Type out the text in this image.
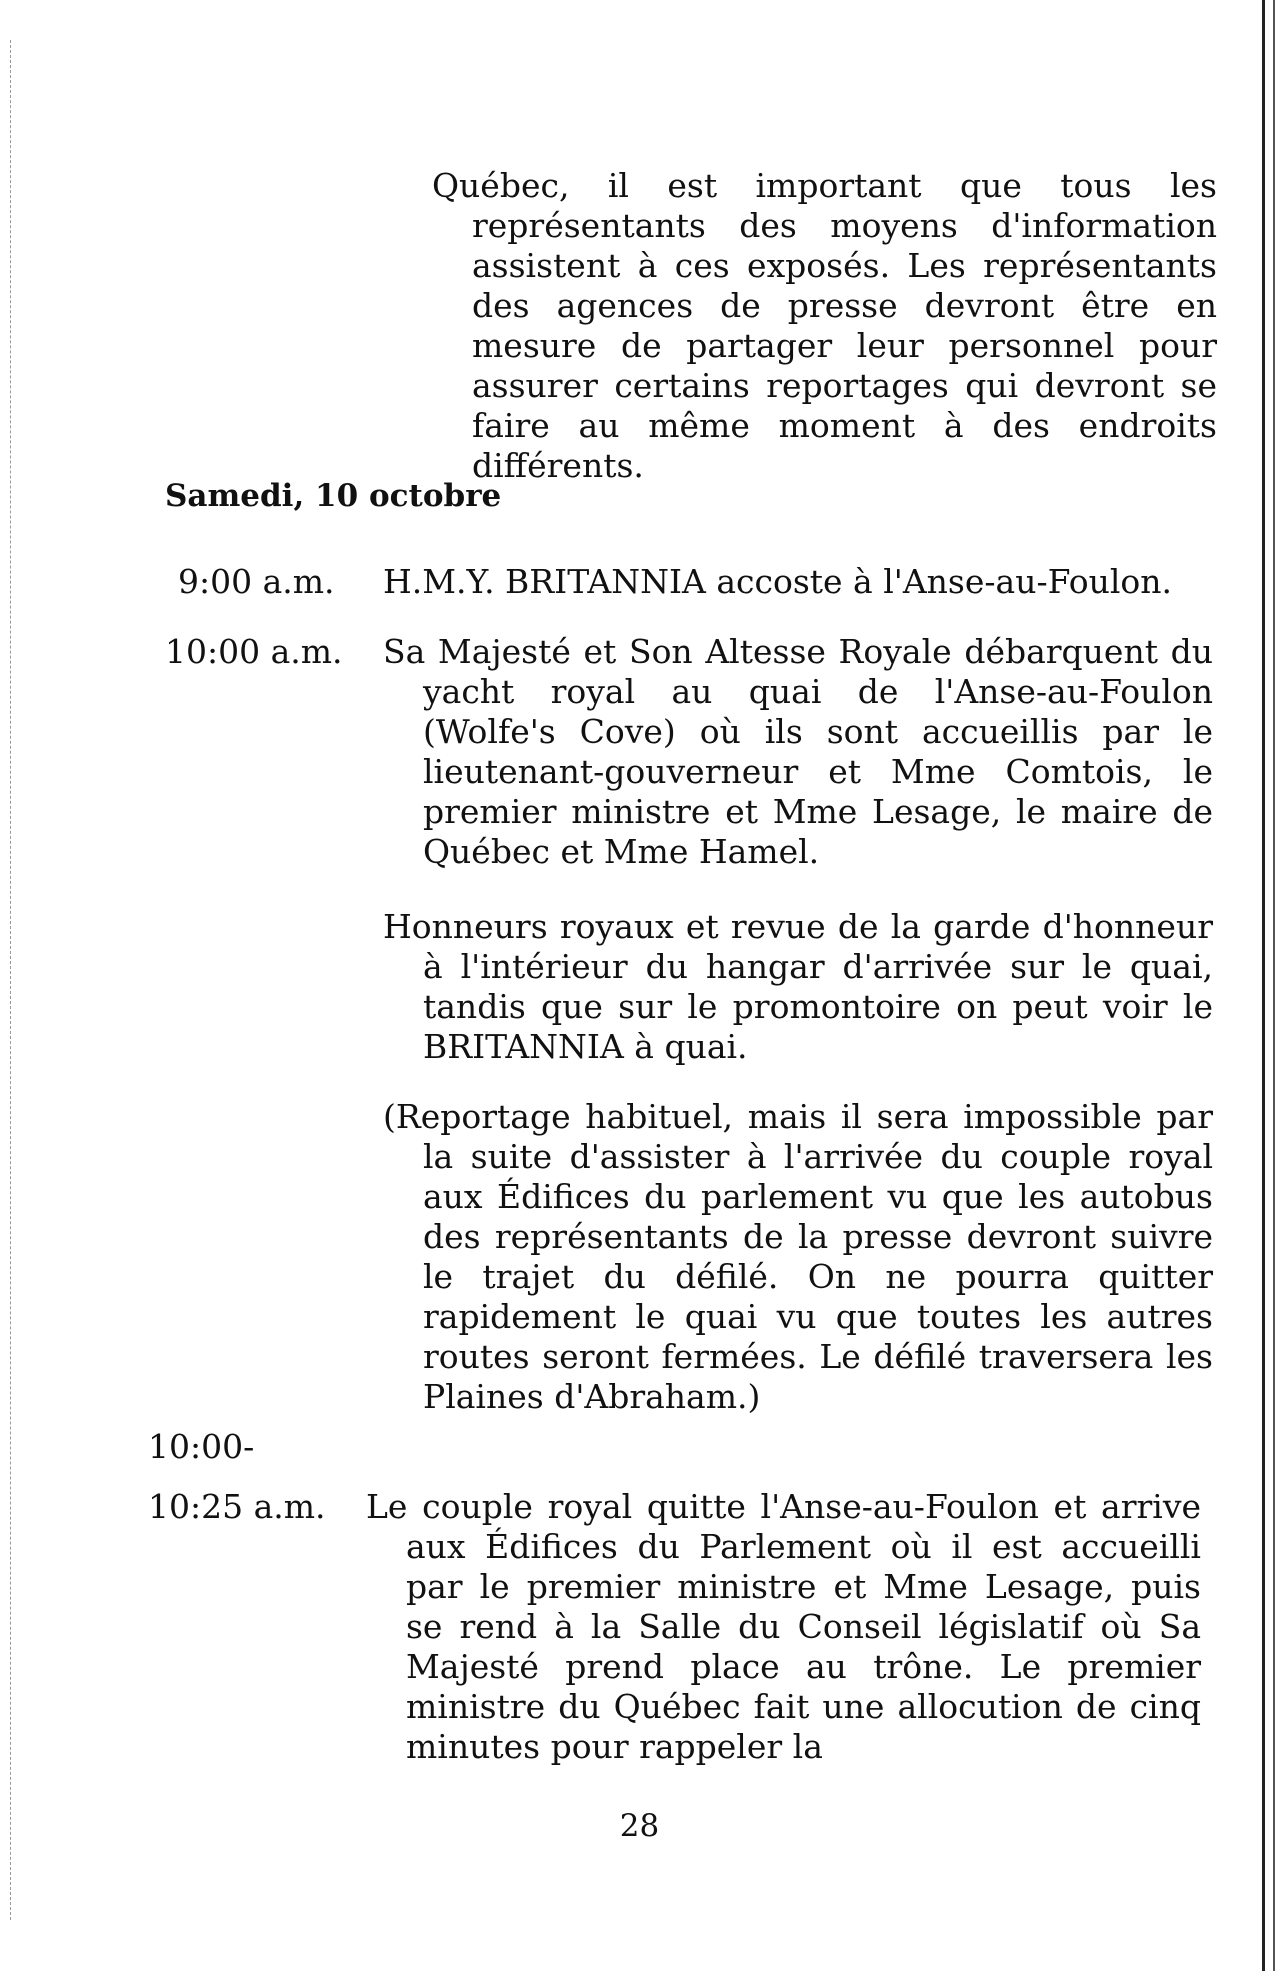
Québec, il est important que tous les représentants des moyens d'information assistent à ces exposés. Les représentants des agences de presse devront être en mesure de partager leur personnel pour assurer certains reportages qui devront se faire au même moment à des endroits différents.
Samedi, 10 octobre
9:00 a.m. H.M.Y. BRITANNIA accoste à l'Anse-au-Foulon.
10:00 a.m. Sa Majesté et Son Altesse Royale débarquent du yacht royal au quai de l'Anse-au-Foulon (Wolfe's Cove) où ils sont accueillis par le lieutenant-gouverneur et Mme Comtois, le premier ministre et Mme Lesage, le maire de Québec et Mme Hamel.
Honneurs royaux et revue de la garde d'honneur à l'intérieur du hangar d'arrivée sur le quai, tandis que sur le promontoire on peut voir le BRITANNIA à quai.
(Reportage habituel, mais il sera impossible par la suite d'assister à l'arrivée du couple royal aux Édifices du parlement vu que les autobus des représentants de la presse devront suivre le trajet du défilé. On ne pourra quitter rapidement le quai vu que toutes les autres routes seront fermées. Le défilé traversera les Plaines d'Abraham.)
10:00-
10:25 a.m. Le couple royal quitte l'Anse-au-Foulon et arrive aux Édifices du Parlement où il est accueilli par le premier ministre et Mme Lesage, puis se rend à la Salle du Conseil législatif où Sa Majesté prend place au trône. Le premier ministre du Québec fait une allocution de cinq minutes pour rappeler la
28
